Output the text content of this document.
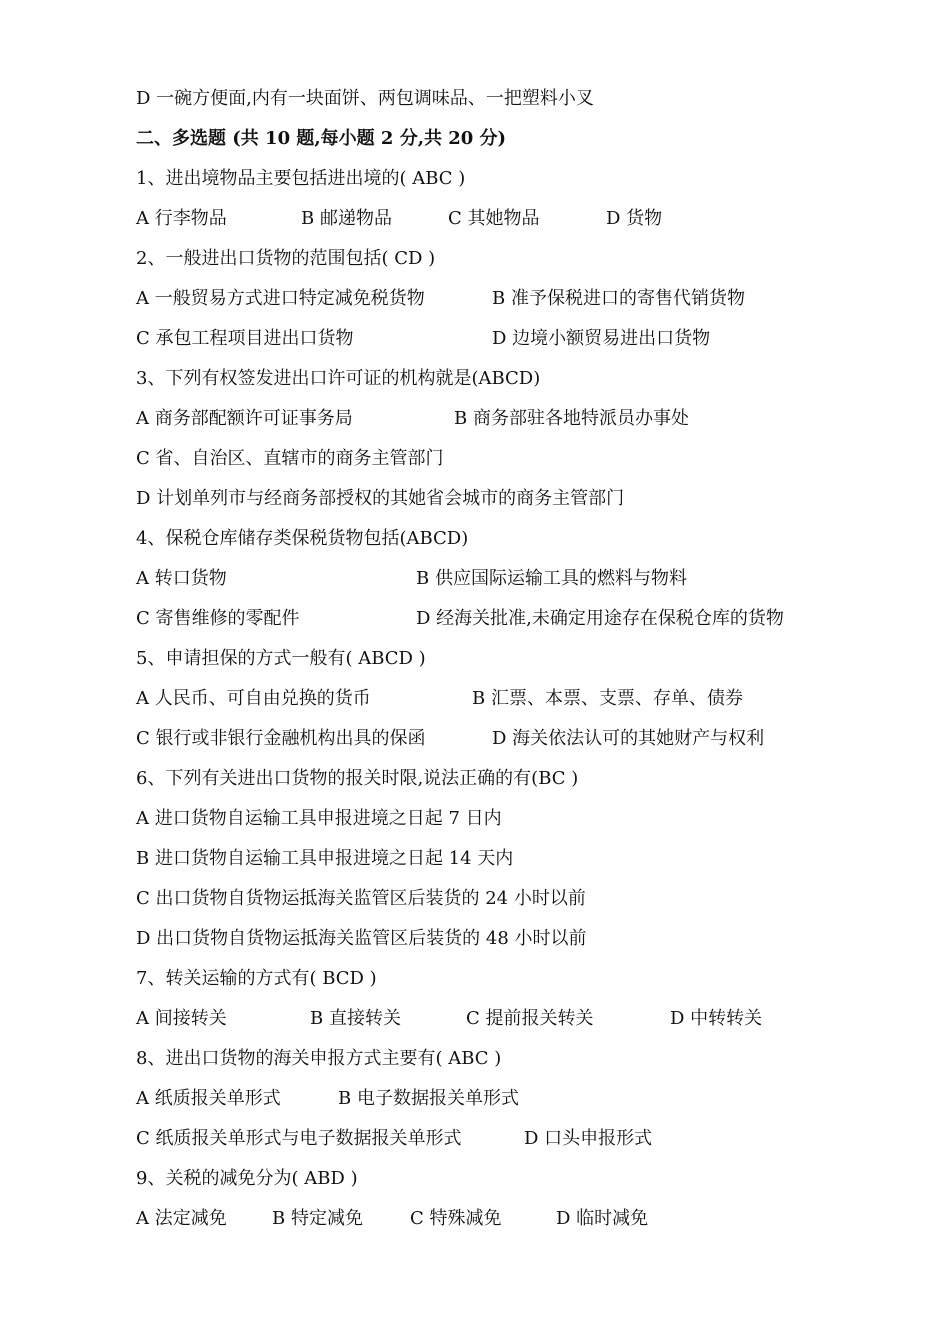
D 一碗方便面,内有一块面饼、两包调味品、一把塑料小叉
二、多选题 (共 10 题,每小题 2 分,共 20 分)
1、进出境物品主要包括进出境的( ABC )
A 行李物品	B 邮递物品	C 其她物品	D 货物
2、一般进出口货物的范围包括( CD )
A 一般贸易方式进口特定减免税货物	B 准予保税进口的寄售代销货物
C 承包工程项目进出口货物	D 边境小额贸易进出口货物
3、下列有权签发进出口许可证的机构就是(ABCD)
A 商务部配额许可证事务局	B 商务部驻各地特派员办事处
C 省、自治区、直辖市的商务主管部门
D 计划单列市与经商务部授权的其她省会城市的商务主管部门
4、保税仓库储存类保税货物包括(ABCD)
A 转口货物	B 供应国际运输工具的燃料与物料
C 寄售维修的零配件	D 经海关批准,未确定用途存在保税仓库的货物
5、申请担保的方式一般有( ABCD )
A 人民币、可自由兑换的货币	B 汇票、本票、支票、存单、债券
C 银行或非银行金融机构出具的保函	D 海关依法认可的其她财产与权利
6、下列有关进出口货物的报关时限,说法正确的有(BC )
A 进口货物自运输工具申报进境之日起 7 日内
B 进口货物自运输工具申报进境之日起 14 天内
C 出口货物自货物运抵海关监管区后装货的 24 小时以前
D 出口货物自货物运抵海关监管区后装货的 48 小时以前
7、转关运输的方式有( BCD )
A 间接转关	B 直接转关	C 提前报关转关	D 中转转关
8、进出口货物的海关申报方式主要有( ABC )
A 纸质报关单形式	B 电子数据报关单形式
C 纸质报关单形式与电子数据报关单形式	D 口头申报形式
9、关税的减免分为( ABD )
A 法定减免	B 特定减免	C 特殊减免	D 临时减免
